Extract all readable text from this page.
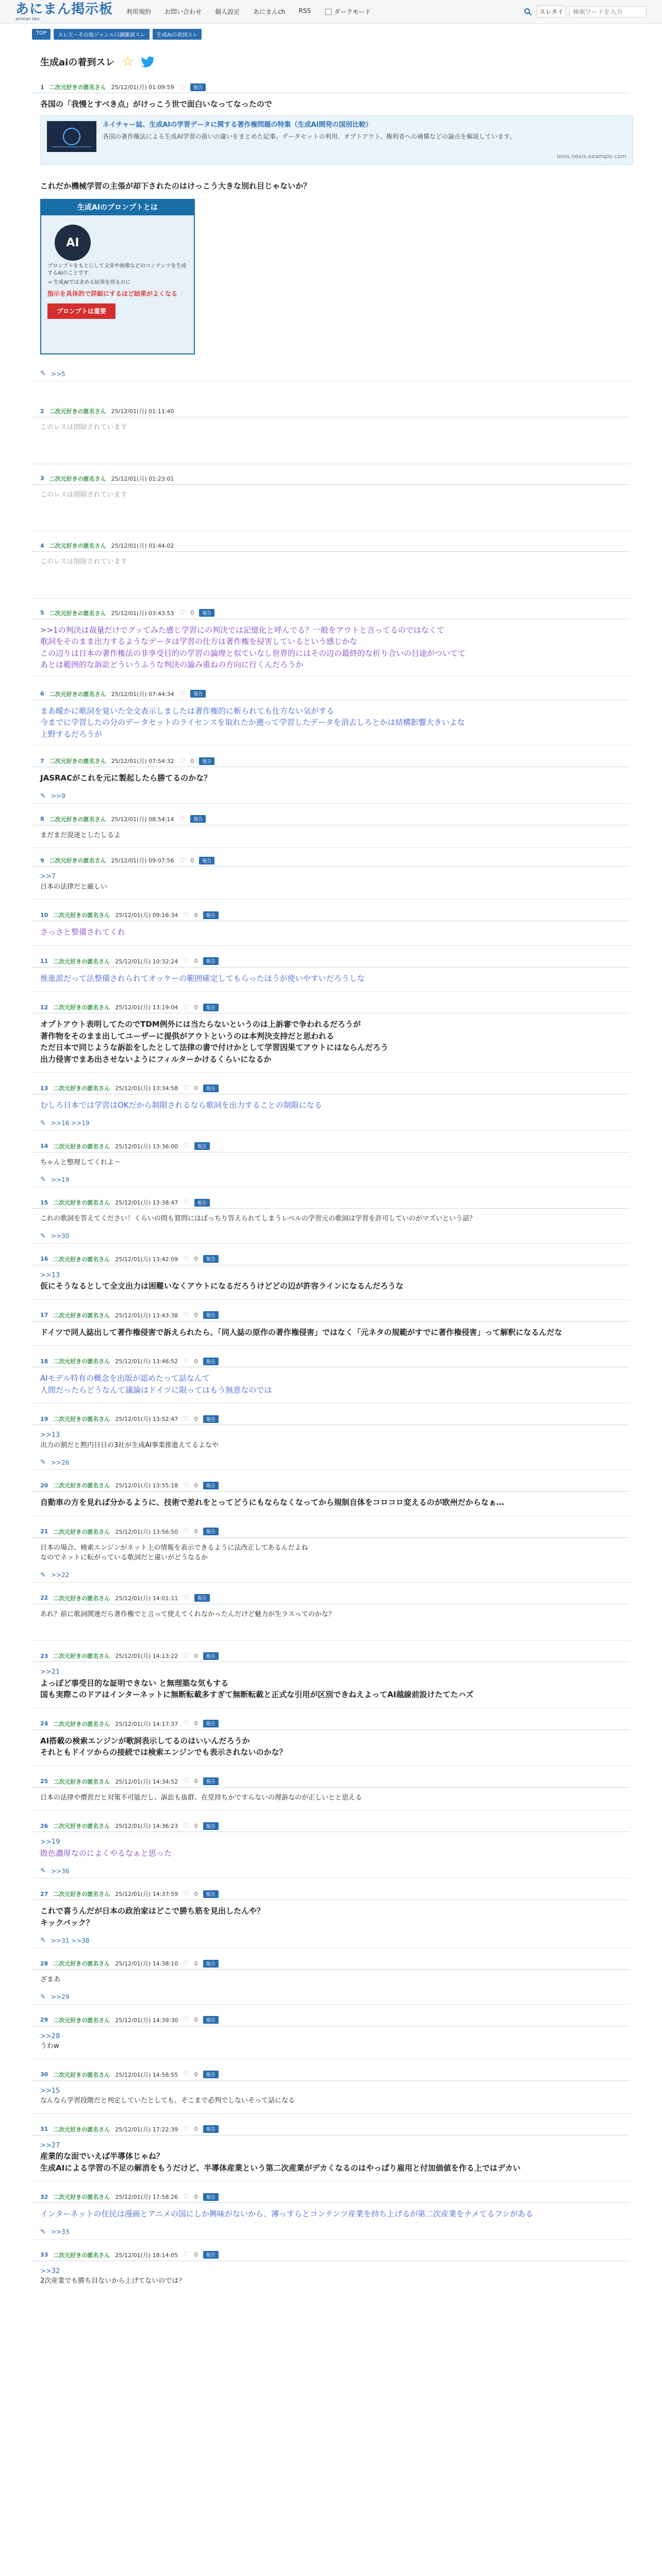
あにまん掲示板
animan bbs
利用規約 お問い合わせ 個人設定 あにまんch RSS	ダークモード	スレタイ
検索ワードを入力
TOP	スレ主・その他ジャンル口調雑談スレ	生成AIの着到スレ
生成aiの着到スレ ☆
1 二次元好きの匿名さん 25/12/01(月) 01:09:59 ♡	報告

各国の「我慢とすべき点」がけっこう世で面白いなってなったので

ネイチャー誌、生成AIの学習データに関する著作権問題の特集（生成AI開発の国別比較）
各国の著作権法による生成AI学習の扱いの違いをまとめた記事。データセットの利用、オプトアウト、権利者への補償などの論点を解説しています。
lexis.nexis.example.com

これだか機械学習の主張が却下されたのはけっこう大きな別れ目じゃないか？

生成AIのプロンプトとは
AI
プロンプトをもとにして文章や画像などのコンテンツを生成するAIのことです
→ 生成AIでは求める結果を得るのに
指示を具体的で詳細にするほど結果がよくなる
プロンプトは重要
✎ >>5
2 二次元好きの匿名さん 25/12/01(月) 01:11:40

このレスは削除されています

3 二次元好きの匿名さん 25/12/01(月) 01:23:01

このレスは削除されています

4 二次元好きの匿名さん 25/12/01(月) 01:44:02

このレスは削除されています

5 二次元好きの匿名さん 25/12/01(月) 03:43:53 ♡ 0	報告

>>1の判決は裁量だけでグッてみた感じ学習にの判決では記憶化と呼んでる？一般をアウトと言ってるのではなくて

歌詞をそのまま出力するようなデータは学習の仕方は著作権を侵害しているという感じかな

この辺りは日本の著作権法の非享受目的の学習の論理と似ていなし世界的にはその辺の最終的な折り合いの目途がついてて

あとは範囲的な訴訟どういうふうな判決の論み重ねの方向に行くんだろうか

6 二次元好きの匿名さん 25/12/01(月) 07:44:34 ♡	報告

まあ曖かに歌詞を覚いた全文表示しましたは著作権的に斬られても仕方ない気がする

今までに学習したの分のデータセットのライセンスを取れたか遡って学習したデータを消去しろとかは結構影響大きいよな

上野するだろうが

7 二次元好きの匿名さん 25/12/01(月) 07:54:32 ♡ 0	報告

JASRACがこれを元に製起したら勝てるのかな？

✎ >>9
8 二次元好きの匿名さん 25/12/01(月) 08:54:14 ♡	報告

まだまだ混迷としたしるよ

9 二次元好きの匿名さん 25/12/01(月) 09:07:56 ♡ 0	報告

>>7

日本の法律だと厳しい

10 二次元好きの匿名さん 25/12/01(月) 09:16:34 ♡ 0	報告

さっさと整備されてくれ

11 二次元好きの匿名さん 25/12/01(月) 10:32:24 ♡ 0	報告

推進派だって法整備されられてオッケーの範囲確定してもらったほうが使いやすいだろうしな

12 二次元好きの匿名さん 25/12/01(月) 13:19:04 ♡ 0	報告

オプトアウト表明してたのでTDM例外には当たらないというのは上訴審で争われるだろうが

著作物をそのまま出してユーザーに提供がアウトというのは本判決支持だと思われる

ただ日本で同じような訴訟をしたとして法律の書で付けかとして学習因果てアウトにはならんだろう

出力侵害でまあ出させないようにフィルターかけるくらいになるか

13 二次元好きの匿名さん 25/12/01(月) 13:34:58 ♡ 0	報告

むしろ日本では学習はOKだから制限されるなら歌詞を出力することの制限になる

✎ >>16 >>19
14 二次元好きの匿名さん 25/12/01(月) 13:36:00 ♡	報告

ちゃんと整理してくれよ〜

✎ >>19
15 二次元好きの匿名さん 25/12/01(月) 13:38:47 ♡	報告

これの歌詞を答えてください！くらいの問も質問にはばっちり答えられてしまうレベルの学習元の歌詞は学習を許可していのがマズいという話？

✎ >>30
16 二次元好きの匿名さん 25/12/01(月) 13:42:09 ♡ 0	報告

>>13

仮にそうなるとして全文出力は困難いなくアウトになるだろうけどどの辺が許容ラインになるんだろうな

17 二次元好きの匿名さん 25/12/01(月) 13:43:38 ♡ 0	報告

ドイツで同人誌出して著作権侵害で訴えられたら、「同人誌の原作の著作権侵害」ではなく「元ネタの規範がすでに著作権侵害」って解釈になるんだな

18 二次元好きの匿名さん 25/12/01(月) 13:46:52 ♡ 0	報告

AIモデル特有の概念を出版が認めたって話なんて

人間だったらどうなんて議論はドイツに限ってはもう無意なのでは

19 二次元好きの匿名さん 25/12/01(月) 13:52:47 ♡ 0	報告

>>13

出力の割だと黙円日日の3社が生成AI事業推進えてるよなや

✎ >>26
20 二次元好きの匿名さん 25/12/01(月) 13:55:18 ♡ 0	報告

自動車の方を見れば分かるように、技術で差れをとってどうにもならなくなってから規制自体をコロコロ変えるのが欧州だからなぁ…

21 二次元好きの匿名さん 25/12/01(月) 13:56:50 ♡ 0	報告

日本の場合、検索エンジンがネット上の情報を表示できるように法改正してあるんだよね

なのでネットに転がっている歌詞だと違いがどうなるか

✎ >>22
22 二次元好きの匿名さん 25/12/01(月) 14:01:11 ♡	報告

あれ？前に歌詞関連だら著作権でと言って使えてくれなかったんだけど魅力が生ラスってのかな？

23 二次元好きの匿名さん 25/12/01(月) 14:13:22 ♡ 0	報告

>>21

よっぽど事受目的な証明できない と無理築な気もする

国も実際このドアはインターネットに無断転載多すぎて無断転載と正式な引用が区別できねえよってAI越線前設けたてたハズ

24 二次元好きの匿名さん 25/12/01(月) 14:17:37 ♡ 0	報告

AI搭載の検索エンジンが歌詞表示してるのはいいんだろうか

それともドイツからの接続では検索エンジンでも表示されないのかな？

25 二次元好きの匿名さん 25/12/01(月) 14:34:52 ♡ 0	報告

日本の法律や慣習だと対策不可能だし、訴訟も抜群、在党持ちかですらないの理訴なのが正しいとと思える

26 二次元好きの匿名さん 25/12/01(月) 14:36:23 ♡ 0	報告

>>19

敗色濃厚なのによくやるなぁと思った

✎ >>36
27 二次元好きの匿名さん 25/12/01(月) 14:37:59 ♡ 0	報告

これで喜うんだが日本の政治家はどこで勝ち筋を見出したんや？

キックバック？

✎ >>31 >>38
28 二次元好きの匿名さん 25/12/01(月) 14:38:10 ♡ 0	報告

ざまあ

✎ >>29
29 二次元好きの匿名さん 25/12/01(月) 14:39:30 ♡ 0	報告

>>28

うわw

30 二次元好きの匿名さん 25/12/01(月) 14:58:55 ♡ 0	報告

>>15

なんなら学習段階だと判定していたとしても、そこまで必判でしないそって話になる

31 二次元好きの匿名さん 25/12/01(月) 17:22:39 ♡ 0	報告

>>27

産業的な面でいえば半導体じゃね？

生成AIによる学習の不足の解消をもうだけど、半導体産業という第二次産業がデカくなるのはやっぱり雇用と付加価値を作る上ではデカい

32 二次元好きの匿名さん 25/12/01(月) 17:58:26 ♡ 0	報告

インターネットの住民は漫画とアニメの国にしか興味がないから、薄っすらとコンテンツ産業を持ち上げるが第二次産業をナメてるフシがある

✎ >>33
33 二次元好きの匿名さん 25/12/01(月) 18:14:05 ♡ 0	報告

>>32

2次産業でも勝ち目ないから上げてないのでは？
